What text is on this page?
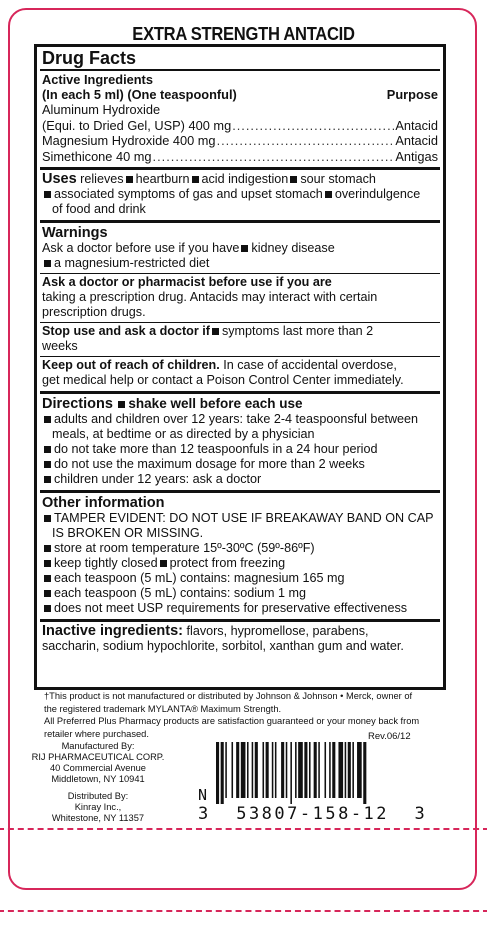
EXTRA STRENGTH ANTACID
Drug Facts
Active Ingredients
(In each 5 ml) (One teaspoonful)	Purpose
Aluminum Hydroxide
(Equi. to Dried Gel, USP) 400 mg .....	Antacid
Magnesium Hydroxide 400 mg .....	Antacid
Simethicone 40 mg .....	Antigas
Uses relieves heartburn acid indigestion sour stomach
associated symptoms of gas and upset stomach overindulgence
of food and drink
Warnings
Ask a doctor before use if you have kidney disease
a magnesium-restricted diet
Ask a doctor or pharmacist before use if you are
taking a prescription drug. Antacids may interact with certain
prescription drugs.
Stop use and ask a doctor if symptoms last more than 2
weeks
Keep out of reach of children. In case of accidental overdose,
get medical help or contact a Poison Control Center immediately.
Directions shake well before each use
adults and children over 12 years: take 2-4 teaspoonsful between
meals, at bedtime or as directed by a physician
do not take more than 12 teaspoonfuls in a 24 hour period
do not use the maximum dosage for more than 2 weeks
children under 12 years: ask a doctor
Other information
TAMPER EVIDENT: DO NOT USE IF BREAKAWAY BAND ON CAP
IS BROKEN OR MISSING.
store at room temperature 15º-30ºC (59º-86ºF)
keep tightly closed protect from freezing
each teaspoon (5 mL) contains: magnesium 165 mg
each teaspoon (5 mL) contains: sodium 1 mg
does not meet USP requirements for preservative effectiveness
Inactive ingredients: flavors, hypromellose, parabens,
saccharin, sodium hypochlorite, sorbitol, xanthan gum and water.
†This product is not manufactured or distributed by Johnson & Johnson • Merck, owner of
the registered trademark MYLANTA® Maximum Strength.
All Preferred Plus Pharmacy products are satisfaction guaranteed or your money back from
retailer where purchased.	Rev.06/12
Manufactured By:
RIJ PHARMACEUTICAL CORP.
40 Commercial Avenue
Middletown, NY 10941
Distributed By:
Kinray Inc.,
Whitestone, NY 11357
N
3  53807-158-12  3
